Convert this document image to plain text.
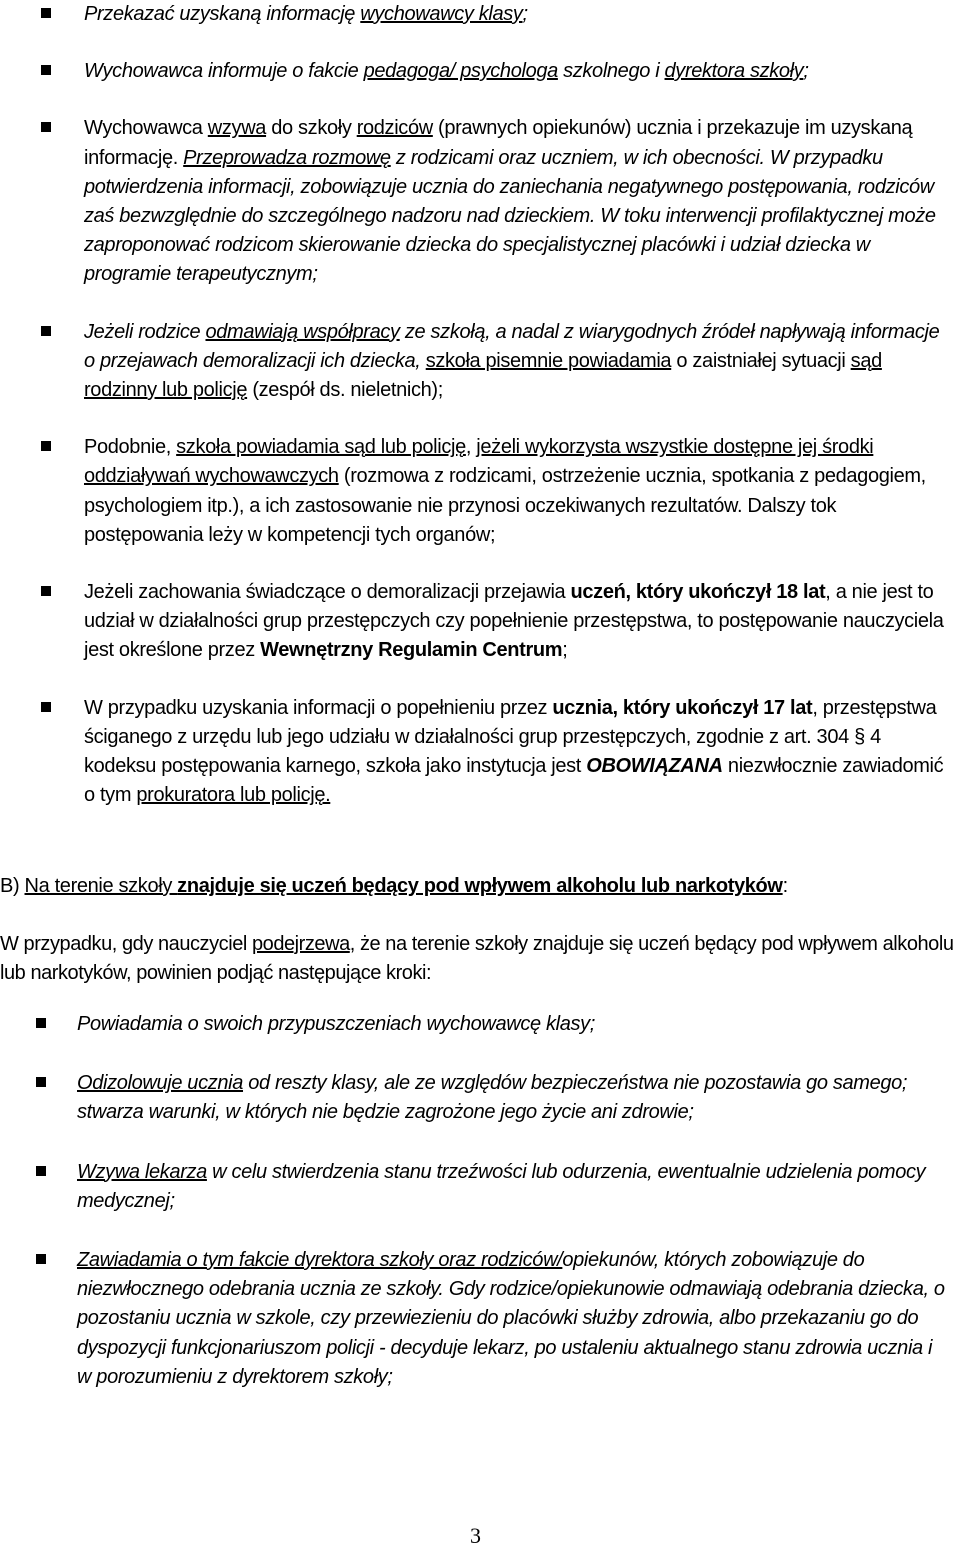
Przekazać uzyskaną informację wychowawcy klasy;
Wychowawca informuje o fakcie pedagoga/ psychologa szkolnego i dyrektora szkoły;
Wychowawca wzywa do szkoły rodziców (prawnych opiekunów) ucznia i przekazuje im uzyskaną informację. Przeprowadza rozmowę z rodzicami oraz uczniem, w ich obecności. W przypadku potwierdzenia informacji, zobowiązuje ucznia do zaniechania negatywnego postępowania, rodziców zaś bezwzględnie do szczególnego nadzoru nad dzieckiem. W toku interwencji profilaktycznej może zaproponować rodzicom skierowanie dziecka do specjalistycznej placówki i udział dziecka w programie terapeutycznym;
Jeżeli rodzice odmawiają współpracy ze szkołą, a nadal z wiarygodnych źródeł napływają informacje o przejawach demoralizacji ich dziecka, szkoła pisemnie powiadamia o zaistniałej sytuacji sąd rodzinny lub policję (zespół ds. nieletnich);
Podobnie, szkoła powiadamia sąd lub policję, jeżeli wykorzysta wszystkie dostępne jej środki oddziaływań wychowawczych (rozmowa z rodzicami, ostrzeżenie ucznia, spotkania z pedagogiem, psychologiem itp.), a ich zastosowanie nie przynosi oczekiwanych rezultatów. Dalszy tok postępowania leży w kompetencji tych organów;
Jeżeli zachowania świadczące o demoralizacji przejawia uczeń, który ukończył 18 lat, a nie jest to udział w działalności grup przestępczych czy popełnienie przestępstwa, to postępowanie nauczyciela jest określone przez Wewnętrzny Regulamin Centrum;
W przypadku uzyskania informacji o popełnieniu przez ucznia, który ukończył 17 lat, przestępstwa ściganego z urzędu lub jego udziału w działalności grup przestępczych, zgodnie z art. 304 § 4 kodeksu postępowania karnego, szkoła jako instytucja jest OBOWIĄZANA niezwłocznie zawiadomić o tym prokuratora lub policję.
B) Na terenie szkoły znajduje się uczeń będący pod wpływem alkoholu lub narkotyków:
W przypadku, gdy nauczyciel podejrzewa, że na terenie szkoły znajduje się uczeń będący pod wpływem alkoholu lub narkotyków, powinien podjąć następujące kroki:
Powiadamia o swoich przypuszczeniach wychowawcę klasy;
Odizolowuje ucznia od reszty klasy, ale ze względów bezpieczeństwa nie pozostawia go samego; stwarza warunki, w których nie będzie zagrożone jego życie ani zdrowie;
Wzywa lekarza w celu stwierdzenia stanu trzeźwości lub odurzenia, ewentualnie udzielenia pomocy medycznej;
Zawiadamia o tym fakcie dyrektora szkoły oraz rodziców/opiekunów, których zobowiązuje do niezwłocznego odebrania ucznia ze szkoły. Gdy rodzice/opiekunowie odmawiają odebrania dziecka, o pozostaniu ucznia w szkole, czy przewiezieniu do placówki służby zdrowia, albo przekazaniu go do dyspozycji funkcjonariuszom policji - decyduje lekarz, po ustaleniu aktualnego stanu zdrowia ucznia i w porozumieniu z dyrektorem szkoły;
3
